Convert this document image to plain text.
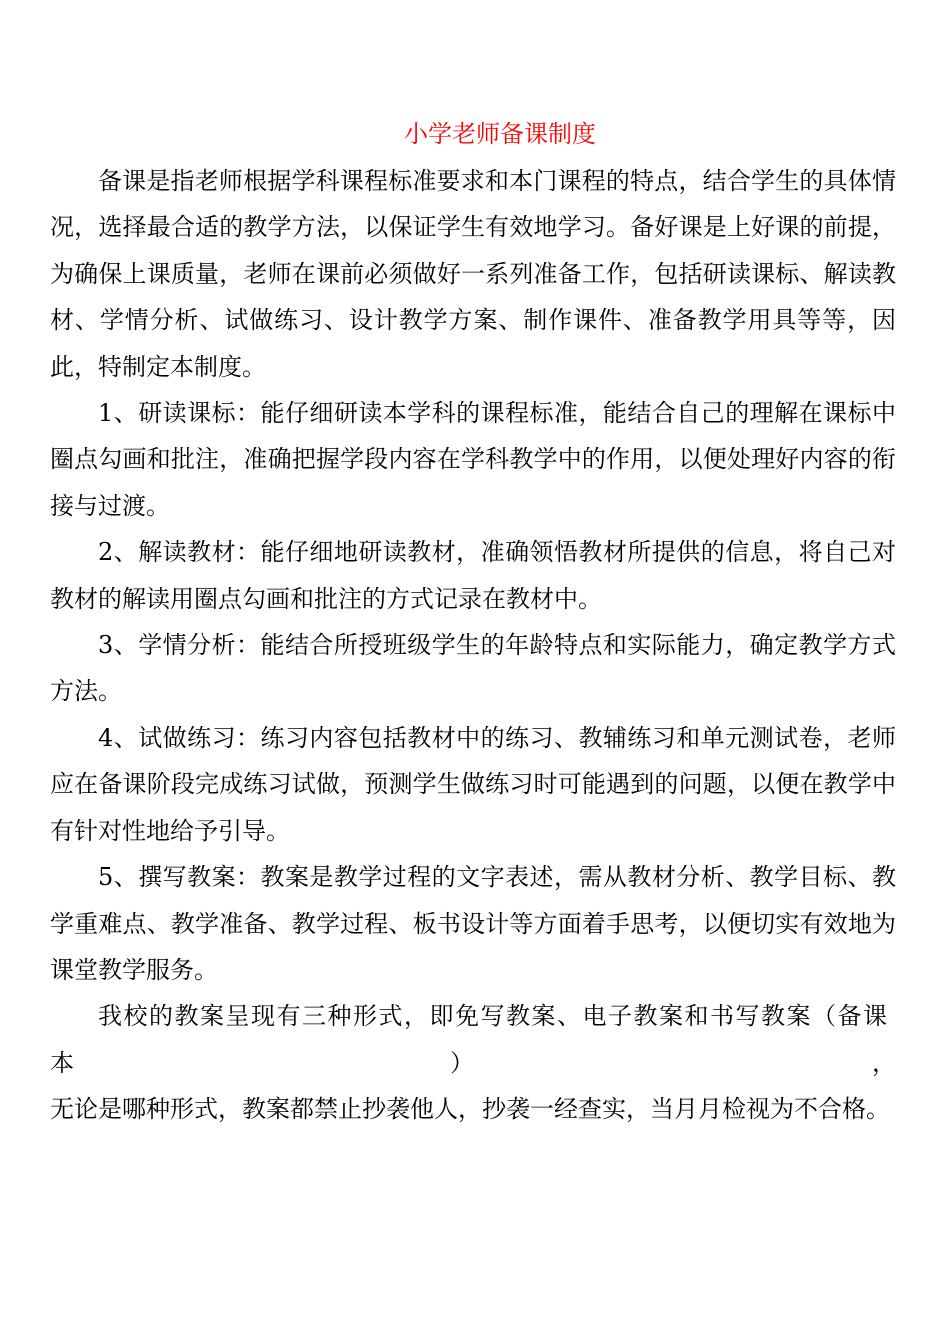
小学老师备课制度

备课是指老师根据学科课程标准要求和本门课程的特点，结合学生的具体情况，选择最合适的教学方法，以保证学生有效地学习。备好课是上好课的前提，为确保上课质量，老师在课前必须做好一系列准备工作，包括研读课标、解读教材、学情分析、试做练习、设计教学方案、制作课件、准备教学用具等等，因此，特制定本制度。

1、研读课标：能仔细研读本学科的课程标准，能结合自己的理解在课标中圈点勾画和批注，准确把握学段内容在学科教学中的作用，以便处理好内容的衔接与过渡。

2、解读教材：能仔细地研读教材，准确领悟教材所提供的信息，将自己对教材的解读用圈点勾画和批注的方式记录在教材中。

3、学情分析：能结合所授班级学生的年龄特点和实际能力，确定教学方式方法。

4、试做练习：练习内容包括教材中的练习、教辅练习和单元测试卷，老师应在备课阶段完成练习试做，预测学生做练习时可能遇到的问题，以便在教学中有针对性地给予引导。

5、撰写教案：教案是教学过程的文字表述，需从教材分析、教学目标、教学重难点、教学准备、教学过程、板书设计等方面着手思考，以便切实有效地为课堂教学服务。

我校的教案呈现有三种形式，即免写教案、电子教案和书写教案（备课

本	）	，

无论是哪种形式，教案都禁止抄袭他人，抄袭一经查实，当月月检视为不合格。
